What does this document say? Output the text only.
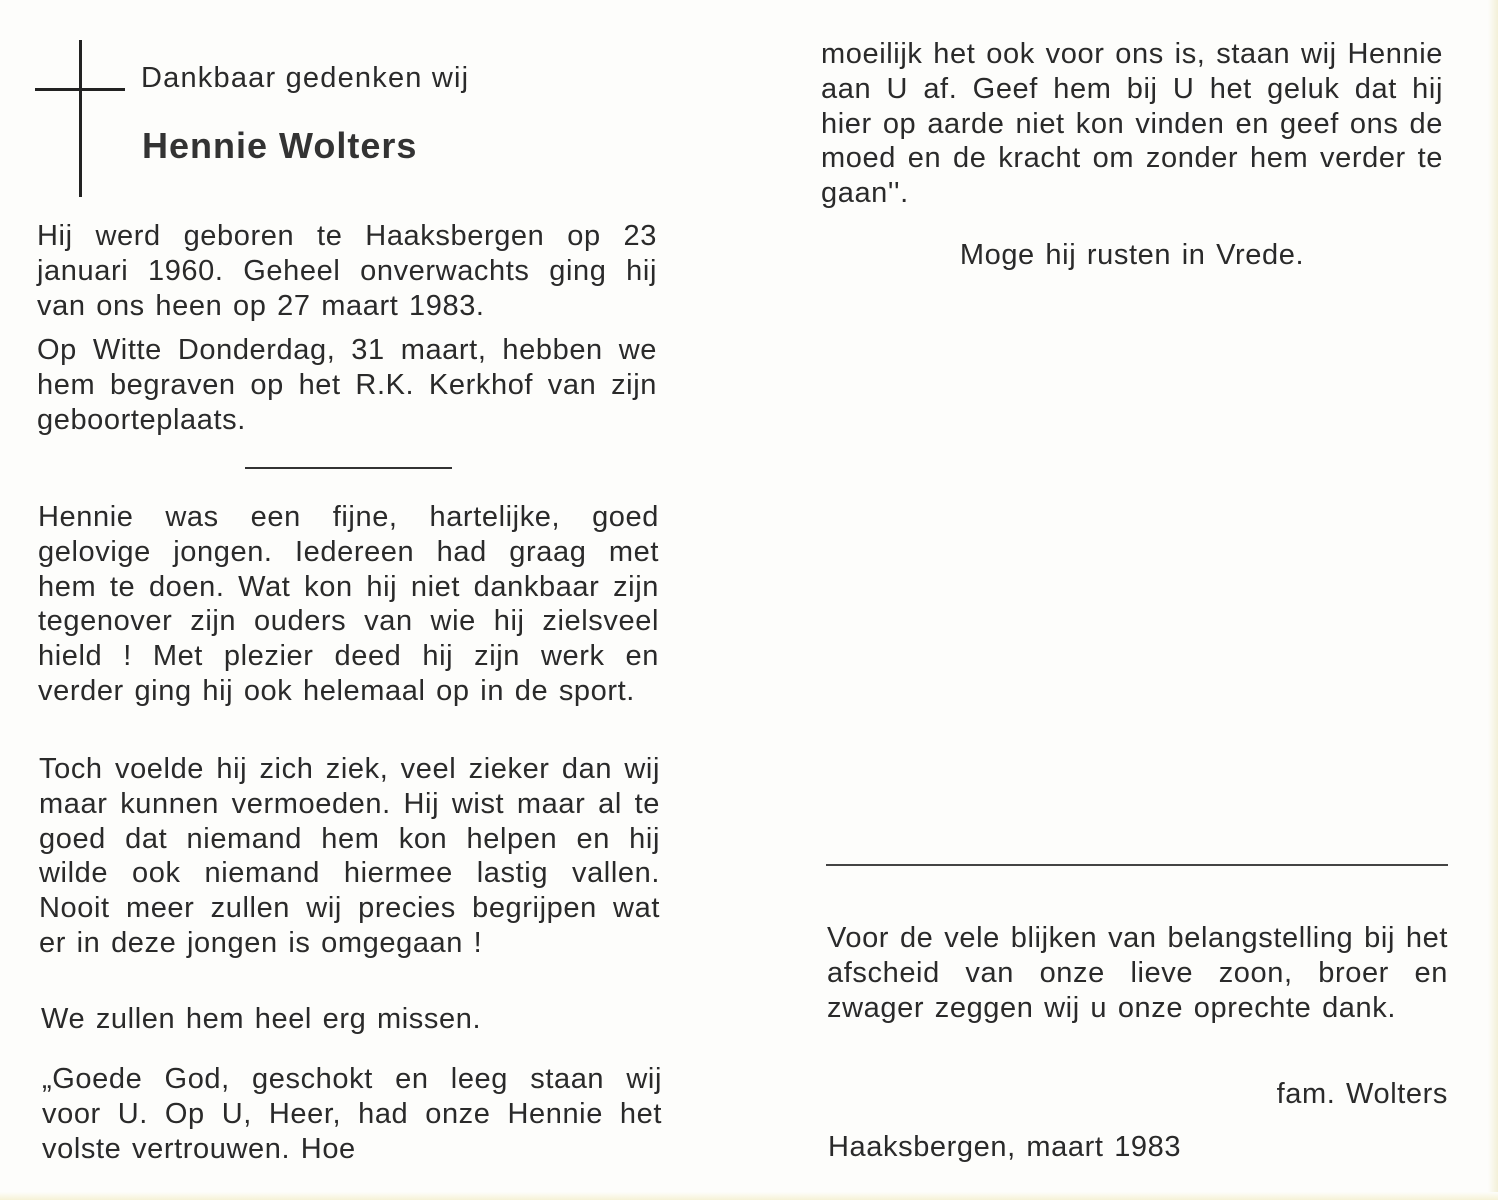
Dankbaar gedenken wij
Hennie Wolters

Hij werd geboren te Haaksbergen op 23 januari 1960. Geheel onverwachts ging hij van ons heen op 27 maart 1983.

Op Witte Donderdag, 31 maart, hebben we hem begraven op het R.K. Kerkhof van zijn geboorteplaats.

Hennie was een fijne, hartelijke, goed gelovige jongen. Iedereen had graag met hem te doen. Wat kon hij niet dankbaar zijn tegenover zijn ouders van wie hij zielsveel hield ! Met plezier deed hij zijn werk en verder ging hij ook helemaal op in de sport.

Toch voelde hij zich ziek, veel zieker dan wij maar kunnen vermoeden. Hij wist maar al te goed dat niemand hem kon helpen en hij wilde ook niemand hiermee lastig vallen. Nooit meer zullen wij precies begrijpen wat er in deze jongen is omgegaan !

We zullen hem heel erg missen.

„Goede God, geschokt en leeg staan wij voor U. Op U, Heer, had onze Hennie het volste vertrouwen. Hoe

moeilijk het ook voor ons is, staan wij Hennie aan U af. Geef hem bij U het geluk dat hij hier op aarde niet kon vinden en geef ons de moed en de kracht om zonder hem verder te gaan''.

Moge hij rusten in Vrede.

Voor de vele blijken van belangstelling bij het afscheid van onze lieve zoon, broer en zwager zeggen wij u onze oprechte dank.

fam. Wolters
Haaksbergen, maart 1983
